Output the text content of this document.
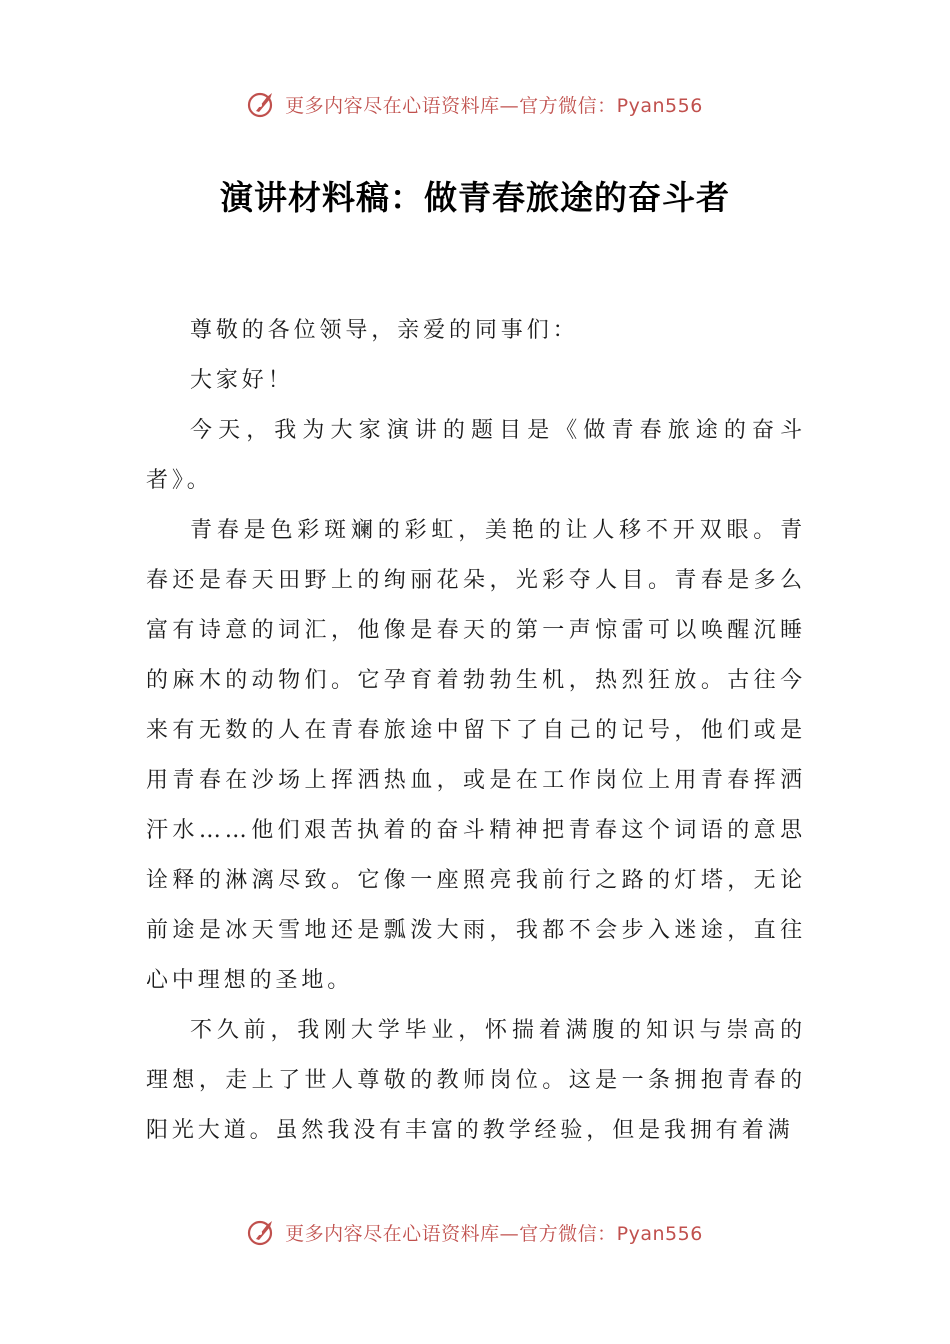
更多内容尽在心语资料库—官方微信：Pyan556
演讲材料稿：做青春旅途的奋斗者

尊敬的各位领导，亲爱的同事们：

大家好！

今天，我为大家演讲的题目是《做青春旅途的奋斗者》。

青春是色彩斑斓的彩虹，美艳的让人移不开双眼。青春还是春天田野上的绚丽花朵，光彩夺人目。青春是多么富有诗意的词汇，他像是春天的第一声惊雷可以唤醒沉睡的麻木的动物们。它孕育着勃勃生机，热烈狂放。古往今来有无数的人在青春旅途中留下了自己的记号，他们或是用青春在沙场上挥洒热血，或是在工作岗位上用青春挥洒汗水……他们艰苦执着的奋斗精神把青春这个词语的意思诠释的淋漓尽致。它像一座照亮我前行之路的灯塔，无论前途是冰天雪地还是瓢泼大雨，我都不会步入迷途，直往心中理想的圣地。

不久前，我刚大学毕业，怀揣着满腹的知识与崇高的理想，走上了世人尊敬的教师岗位。这是一条拥抱青春的阳光大道。虽然我没有丰富的教学经验，但是我拥有着满

更多内容尽在心语资料库—官方微信：Pyan556
